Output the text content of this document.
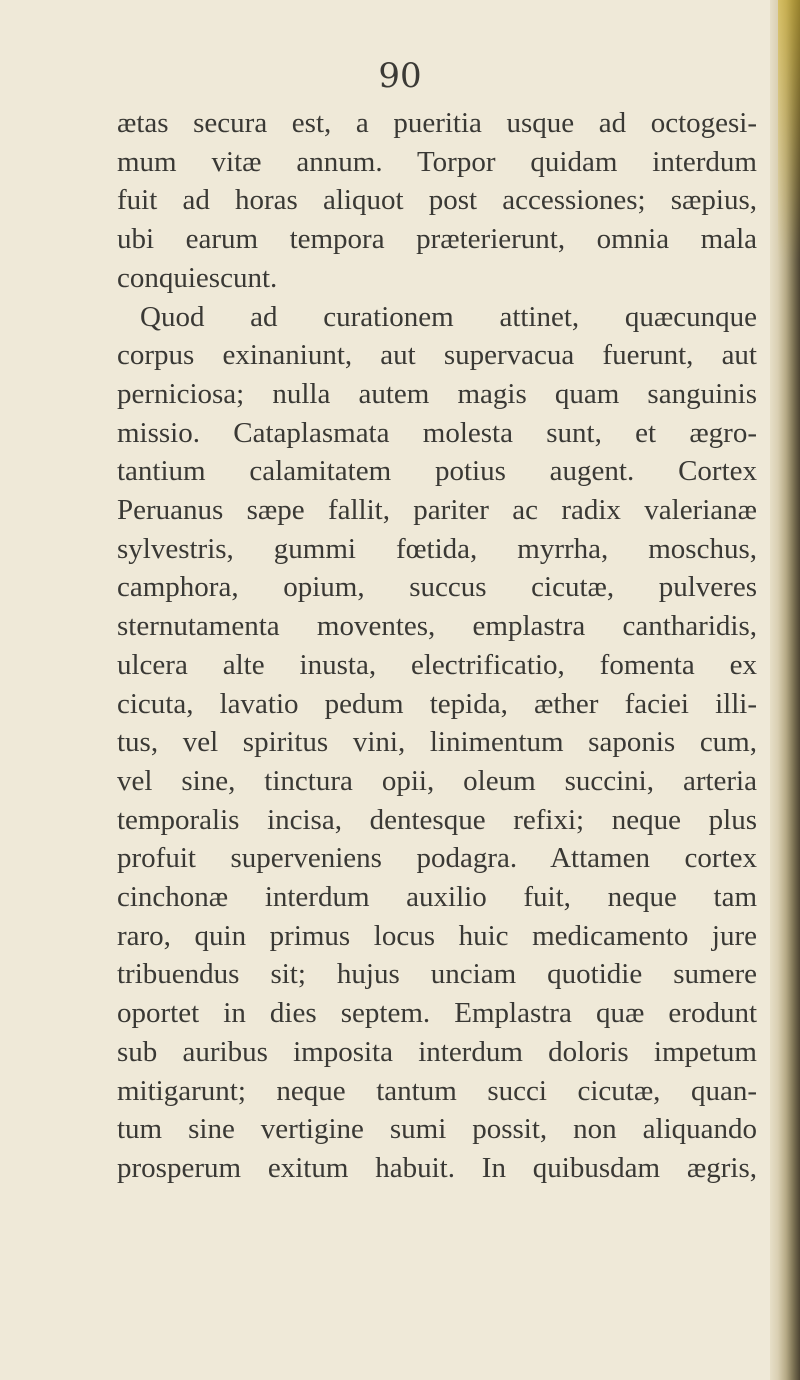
90
ætas secura est, a pueritia usque ad octogesi-
mum vitæ annum. Torpor quidam interdum
fuit ad horas aliquot post accessiones; sæpius,
ubi earum tempora præterierunt, omnia mala
conquiescunt.
Quod ad curationem attinet, quæcunque
corpus exinaniunt, aut supervacua fuerunt, aut
perniciosa; nulla autem magis quam sanguinis
missio. Cataplasmata molesta sunt, et ægro-
tantium calamitatem potius augent. Cortex
Peruanus sæpe fallit, pariter ac radix valerianæ
sylvestris, gummi fœtida, myrrha, moschus,
camphora, opium, succus cicutæ, pulveres
sternutamenta moventes, emplastra cantharidis,
ulcera alte inusta, electrificatio, fomenta ex
cicuta, lavatio pedum tepida, æther faciei illi-
tus, vel spiritus vini, linimentum saponis cum,
vel sine, tinctura opii, oleum succini, arteria
temporalis incisa, dentesque refixi; neque plus
profuit superveniens podagra. Attamen cortex
cinchonæ interdum auxilio fuit, neque tam
raro, quin primus locus huic medicamento jure
tribuendus sit; hujus unciam quotidie sumere
oportet in dies septem. Emplastra quæ erodunt
sub auribus imposita interdum doloris impetum
mitigarunt; neque tantum succi cicutæ, quan-
tum sine vertigine sumi possit, non aliquando
prosperum exitum habuit. In quibusdam ægris,
